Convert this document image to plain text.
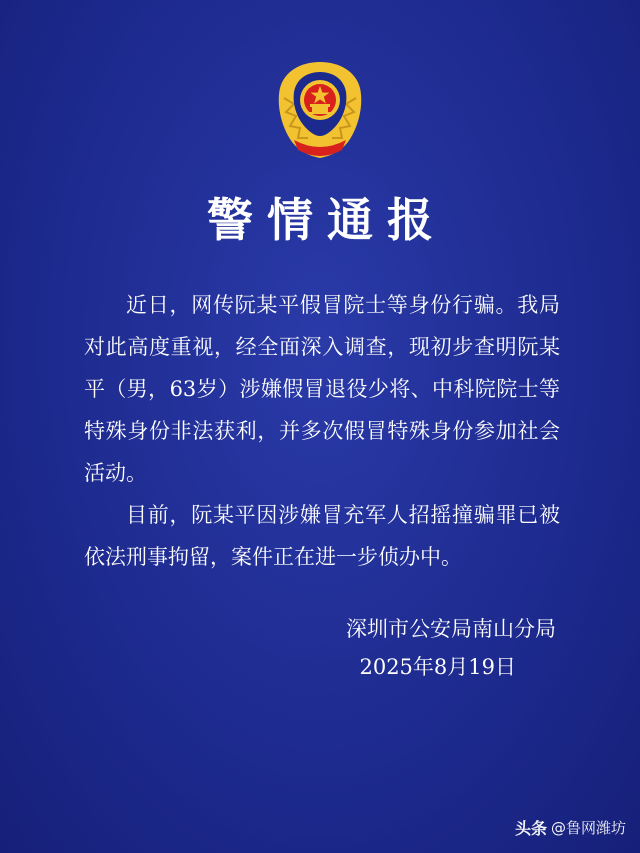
警情通报

近日，网传阮某平假冒院士等身份行骗。我局对此高度重视，经全面深入调查，现初步查明阮某平（男，63岁）涉嫌假冒退役少将、中科院院士等特殊身份非法获利，并多次假冒特殊身份参加社会活动。

目前，阮某平因涉嫌冒充军人招摇撞骗罪已被依法刑事拘留，案件正在进一步侦办中。

深圳市公安局南山分局
2025年8月19日
头条 @鲁网潍坊
